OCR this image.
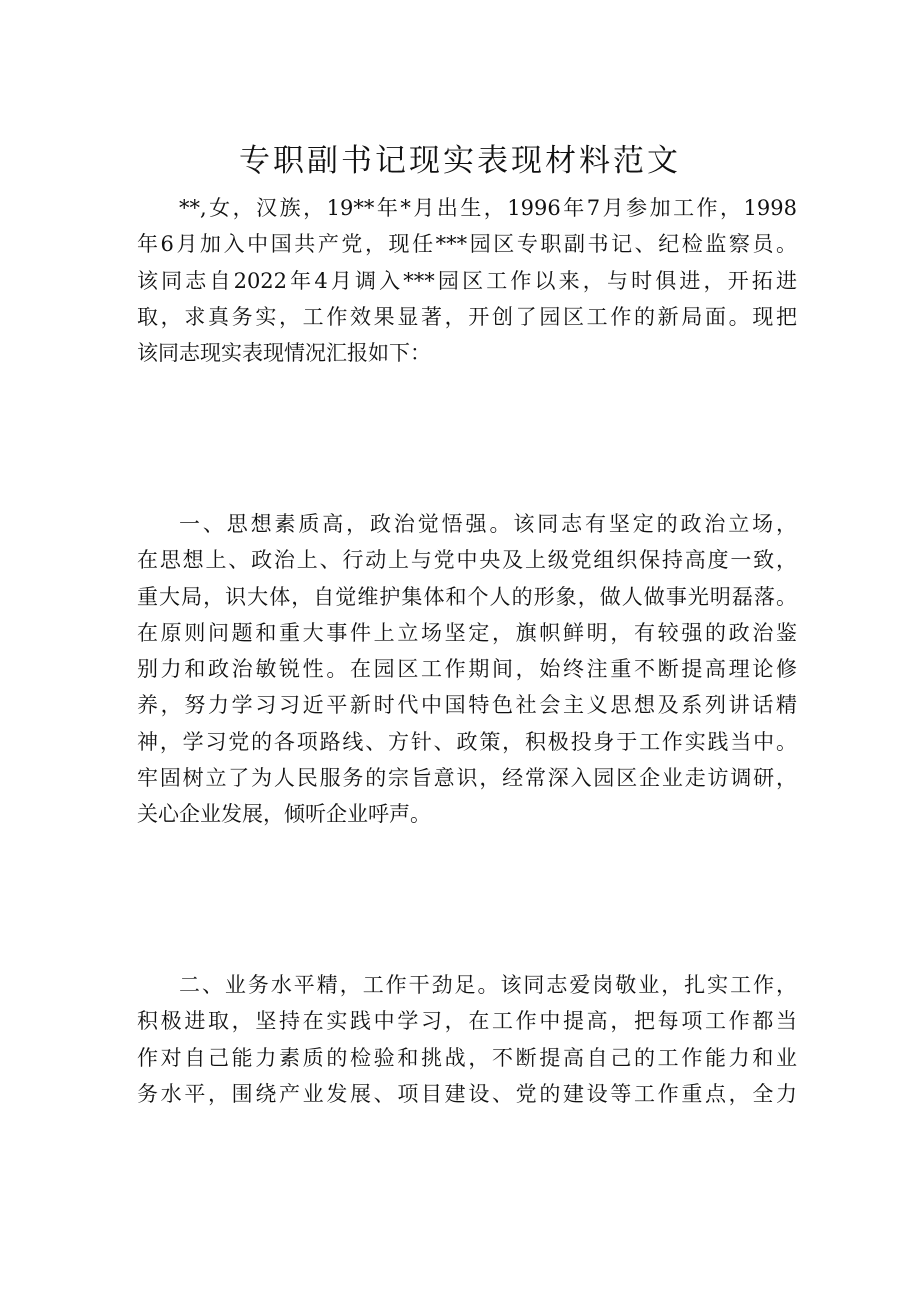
专职副书记现实表现材料范文
**,女，汉族，19**年*月出生，1996年7月参加工作，1998
年6月加入中国共产党，现任***园区专职副书记、纪检监察员。
该同志自2022年4月调入***园区工作以来，与时俱进，开拓进
取，求真务实，工作效果显著，开创了园区工作的新局面。现把
该同志现实表现情况汇报如下：
一、思想素质高，政治觉悟强。该同志有坚定的政治立场，
在思想上、政治上、行动上与党中央及上级党组织保持高度一致，
重大局，识大体，自觉维护集体和个人的形象，做人做事光明磊落。
在原则问题和重大事件上立场坚定，旗帜鲜明，有较强的政治鉴
别力和政治敏锐性。在园区工作期间，始终注重不断提高理论修
养，努力学习习近平新时代中国特色社会主义思想及系列讲话精
神，学习党的各项路线、方针、政策，积极投身于工作实践当中。
牢固树立了为人民服务的宗旨意识，经常深入园区企业走访调研，
关心企业发展，倾听企业呼声。
二、业务水平精，工作干劲足。该同志爱岗敬业，扎实工作，
积极进取，坚持在实践中学习，在工作中提高，把每项工作都当
作对自己能力素质的检验和挑战，不断提高自己的工作能力和业
务水平，围绕产业发展、项目建设、党的建设等工作重点，全力
